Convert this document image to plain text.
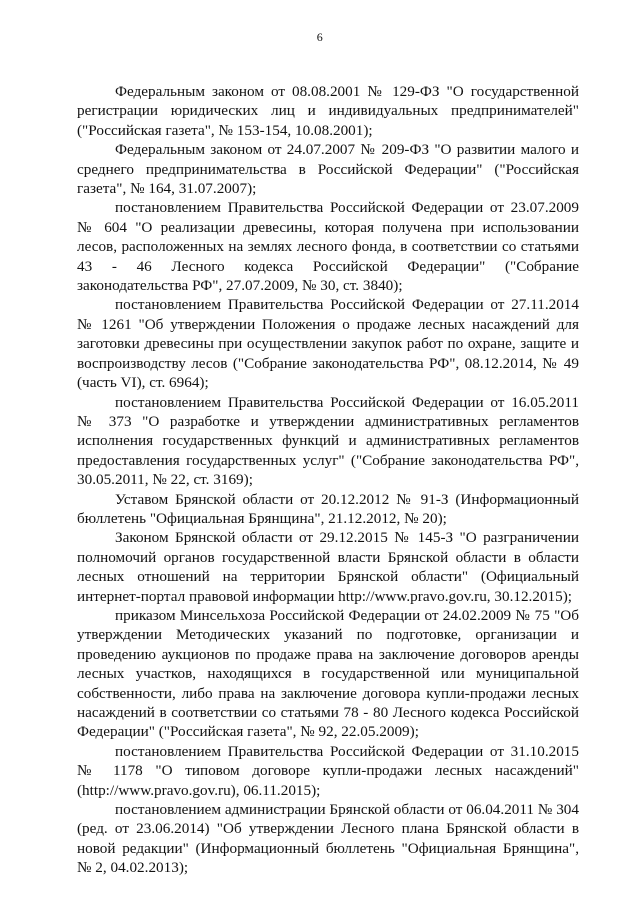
6

Федеральным законом от 08.08.2001 № 129-ФЗ "О государственной регистрации юридических лиц и индивидуальных предпринимателей" ("Российская газета", № 153-154, 10.08.2001);

Федеральным законом от 24.07.2007 № 209-ФЗ "О развитии малого и среднего предпринимательства в Российской Федерации" ("Российская газета", № 164, 31.07.2007);

постановлением Правительства Российской Федерации от 23.07.2009 № 604 "О реализации древесины, которая получена при использовании лесов, расположенных на землях лесного фонда, в соответствии со статьями 43 - 46 Лесного кодекса Российской Федерации" ("Собрание законодательства РФ", 27.07.2009, № 30, ст. 3840);

постановлением Правительства Российской Федерации от 27.11.2014 № 1261 "Об утверждении Положения о продаже лесных насаждений для заготовки древесины при осуществлении закупок работ по охране, защите и воспроизводству лесов ("Собрание законодательства РФ", 08.12.2014, № 49 (часть VI), ст. 6964);

постановлением Правительства Российской Федерации от 16.05.2011 № 373 "О разработке и утверждении административных регламентов исполнения государственных функций и административных регламентов предоставления государственных услуг" ("Собрание законодательства РФ", 30.05.2011, № 22, ст. 3169);

Уставом Брянской области от 20.12.2012 № 91-З (Информационный бюллетень "Официальная Брянщина", 21.12.2012, № 20);

Законом Брянской области от 29.12.2015 № 145-З "О разграничении полномочий органов государственной власти Брянской области в области лесных отношений на территории Брянской области" (Официальный интернет-портал правовой информации http://www.pravo.gov.ru, 30.12.2015);

приказом Минсельхоза Российской Федерации от 24.02.2009 № 75 "Об утверждении Методических указаний по подготовке, организации и проведению аукционов по продаже права на заключение договоров аренды лесных участков, находящихся в государственной или муниципальной собственности, либо права на заключение договора купли-продажи лесных насаждений в соответствии со статьями 78 - 80 Лесного кодекса Российской Федерации" ("Российская газета", № 92, 22.05.2009);

постановлением Правительства Российской Федерации от 31.10.2015 № 1178 "О типовом договоре купли-продажи лесных насаждений" (http://www.pravo.gov.ru), 06.11.2015);

постановлением администрации Брянской области от 06.04.2011 № 304 (ред. от 23.06.2014) "Об утверждении Лесного плана Брянской области в новой редакции" (Информационный бюллетень "Официальная Брянщина", № 2, 04.02.2013);
